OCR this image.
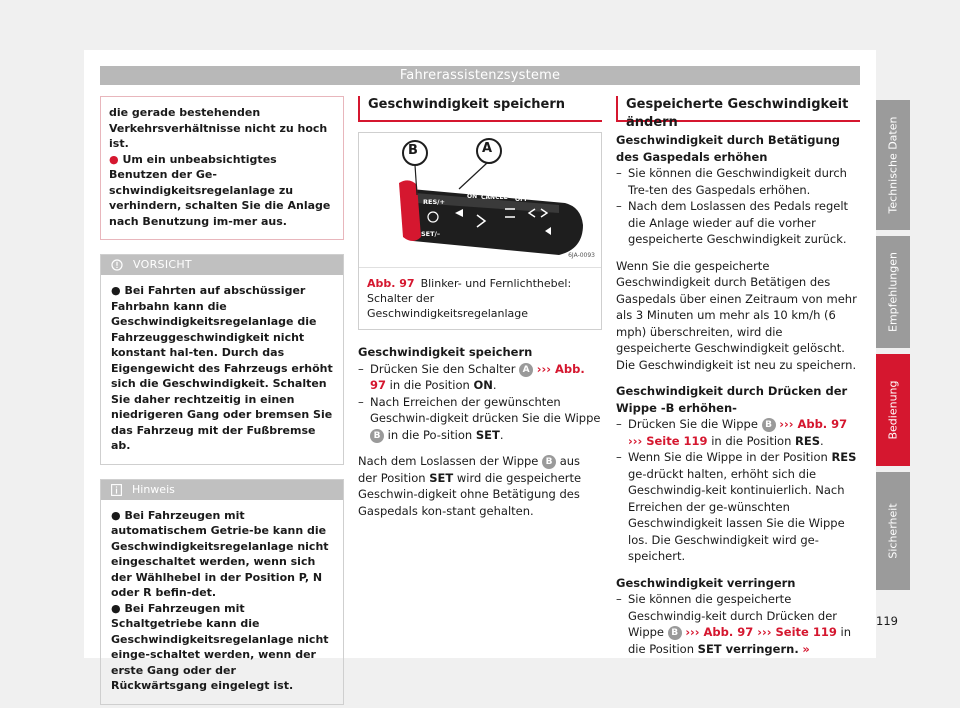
Fahrerassistenzsysteme
die gerade bestehenden Verkehrsverhältnisse nicht zu hoch ist.
● Um ein unbeabsichtigtes Benutzen der Ge-schwindigkeitsregelanlage zu verhindern, schalten Sie die Anlage nach Benutzung im-mer aus.
VORSICHT
● Bei Fahrten auf abschüssiger Fahrbahn kann die Geschwindigkeitsregelanlage die Fahrzeuggeschwindigkeit nicht konstant hal-ten. Durch das Eigengewicht des Fahrzeugs erhöht sich die Geschwindigkeit. Schalten Sie daher rechtzeitig in einen niedrigeren Gang oder bremsen Sie das Fahrzeug mit der Fußbremse ab.
Hinweis

● Bei Fahrzeugen mit automatischem Getrie-be kann die Geschwindigkeitsregelanlage nicht eingeschaltet werden, wenn sich der Wählhebel in der Position P, N oder R befin-det.

● Bei Fahrzeugen mit Schaltgetriebe kann die Geschwindigkeitsregelanlage nicht einge-schaltet werden, wenn der erste Gang oder der Rückwärtsgang eingelegt ist.

Geschwindigkeit speichern
B	A
ON CANCEL OFF
RES/+
SET/–
6JA-0093
Abb. 97 Blinker- und Fernlichthebel: Schalter der Geschwindigkeitsregelanlage
Geschwindigkeit speichern
– Drücken Sie den Schalter A ››› Abb. 97 in die Position ON.
– Nach Erreichen der gewünschten Geschwin-digkeit drücken Sie die Wippe B in die Po-sition SET.
Nach dem Loslassen der Wippe B aus der Position SET wird die gespeicherte Geschwin-digkeit ohne Betätigung des Gaspedals kon-stant gehalten.
Gespeicherte Geschwindigkeit ändern
Geschwindigkeit durch Betätigung des Gaspedals erhöhen
– Sie können die Geschwindigkeit durch Tre-ten des Gaspedals erhöhen.
– Nach dem Loslassen des Pedals regelt die Anlage wieder auf die vorher gespeicherte Geschwindigkeit zurück.
Wenn Sie die gespeicherte Geschwindigkeit durch Betätigen des Gaspedals über einen Zeitraum von mehr als 3 Minuten um mehr als 10 km/h (6 mph) überschreiten, wird die gespeicherte Geschwindigkeit gelöscht. Die Geschwindigkeit ist neu zu speichern.
Geschwindigkeit durch Drücken der Wippe -B erhöhen-
– Drücken Sie die Wippe B ››› Abb. 97 ››› Seite 119 in die Position RES.
– Wenn Sie die Wippe in der Position RES ge-drückt halten, erhöht sich die Geschwindig-keit kontinuierlich. Nach Erreichen der ge-wünschten Geschwindigkeit lassen Sie die Wippe los. Die Geschwindigkeit wird ge-speichert.
Geschwindigkeit verringern
– Sie können die gespeicherte Geschwindig-keit durch Drücken der Wippe B ››› Abb. 97 ››› Seite 119 in die Position SET verringern. »
Technische Daten
Empfehlungen
Bedienung
Sicherheit
119
